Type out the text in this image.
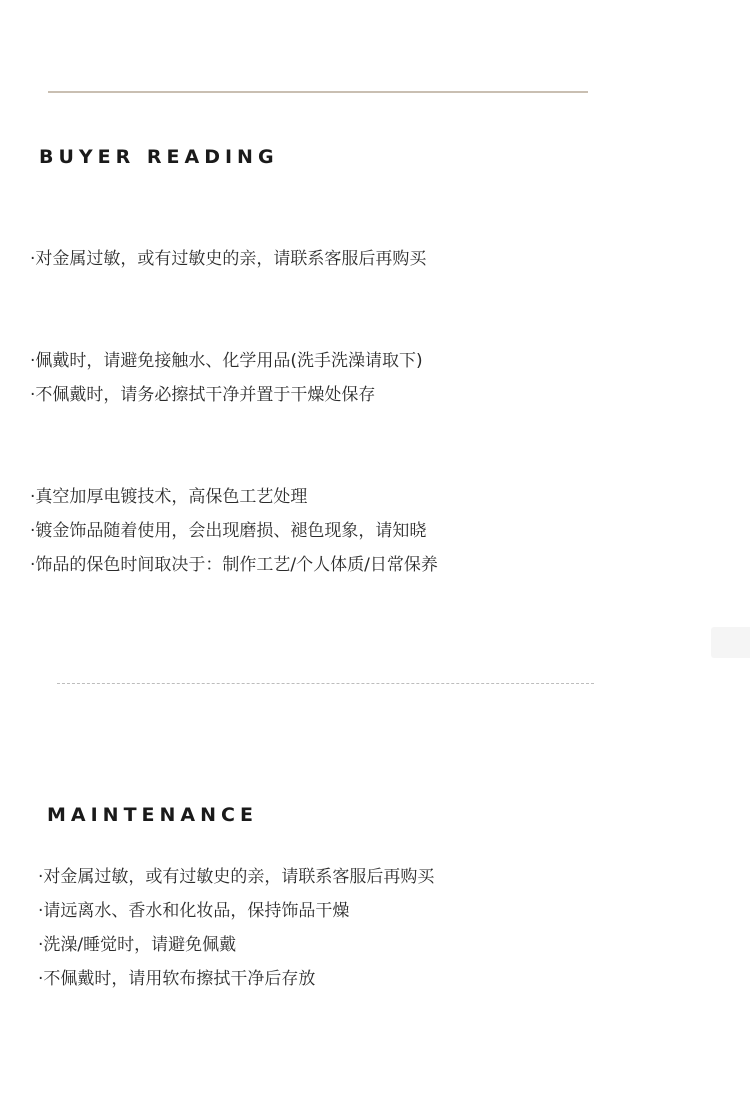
BUYER READING
·对金属过敏，或有过敏史的亲，请联系客服后再购买
·佩戴时，请避免接触水、化学用品(洗手洗澡请取下)
·不佩戴时，请务必擦拭干净并置于干燥处保存
·真空加厚电镀技术，高保色工艺处理
·镀金饰品随着使用，会出现磨损、褪色现象，请知晓
·饰品的保色时间取决于：制作工艺/个人体质/日常保养
MAINTENANCE
·对金属过敏，或有过敏史的亲，请联系客服后再购买
·请远离水、香水和化妆品，保持饰品干燥
·洗澡/睡觉时，请避免佩戴
·不佩戴时，请用软布擦拭干净后存放
